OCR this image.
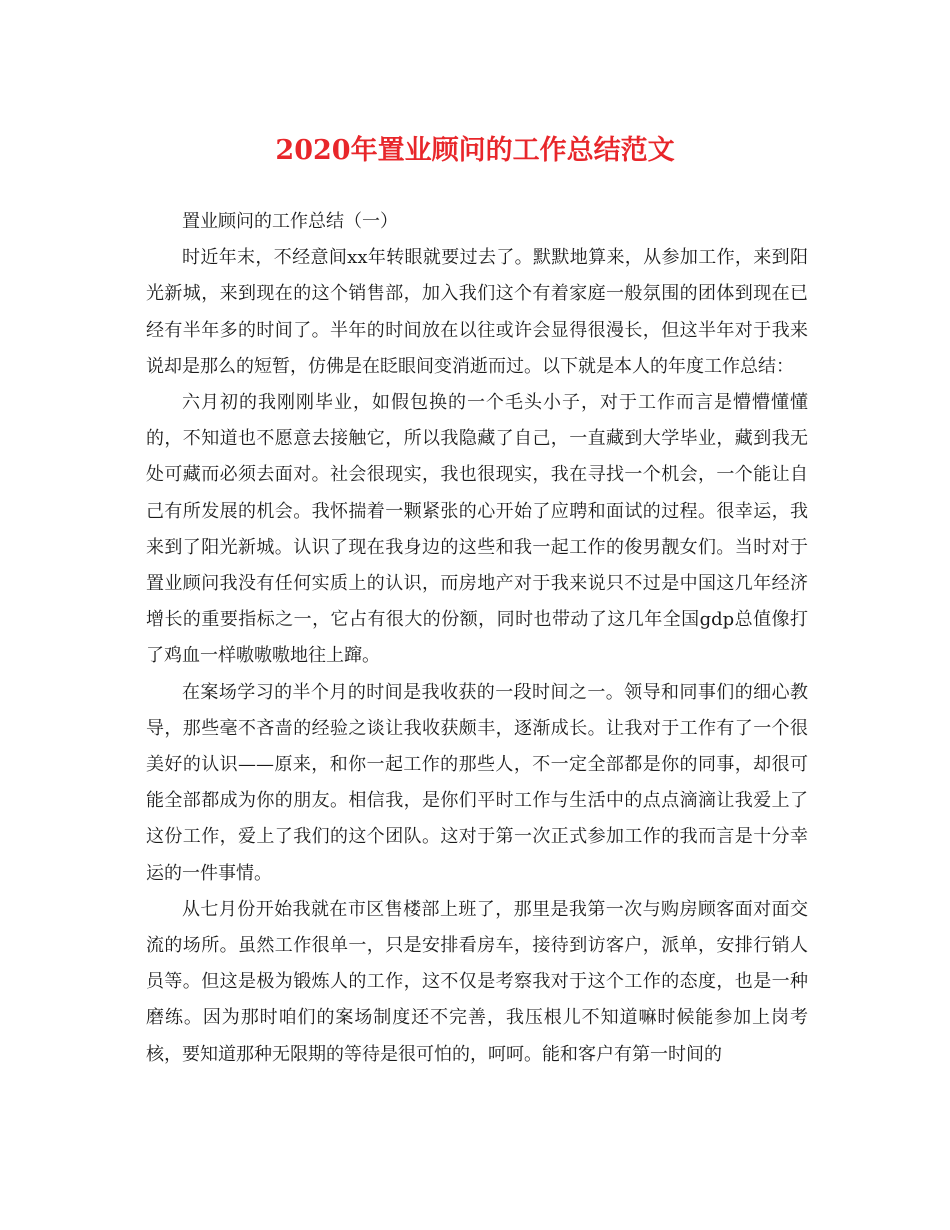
2020年置业顾问的工作总结范文

置业顾问的工作总结（一）

时近年末，不经意间xx年转眼就要过去了。默默地算来，从参加工作，来到阳光新城，来到现在的这个销售部，加入我们这个有着家庭一般氛围的团体到现在已经有半年多的时间了。半年的时间放在以往或许会显得很漫长，但这半年对于我来说却是那么的短暂，仿佛是在眨眼间变消逝而过。以下就是本人的年度工作总结：

六月初的我刚刚毕业，如假包换的一个毛头小子，对于工作而言是懵懵懂懂的，不知道也不愿意去接触它，所以我隐藏了自己，一直藏到大学毕业，藏到我无处可藏而必须去面对。社会很现实，我也很现实，我在寻找一个机会，一个能让自己有所发展的机会。我怀揣着一颗紧张的心开始了应聘和面试的过程。很幸运，我来到了阳光新城。认识了现在我身边的这些和我一起工作的俊男靓女们。当时对于置业顾问我没有任何实质上的认识，而房地产对于我来说只不过是中国这几年经济增长的重要指标之一，它占有很大的份额，同时也带动了这几年全国gdp总值像打了鸡血一样嗷嗷嗷地往上蹿。

在案场学习的半个月的时间是我收获的一段时间之一。领导和同事们的细心教导，那些毫不吝啬的经验之谈让我收获颇丰，逐渐成长。让我对于工作有了一个很美好的认识——原来，和你一起工作的那些人，不一定全部都是你的同事，却很可能全部都成为你的朋友。相信我，是你们平时工作与生活中的点点滴滴让我爱上了这份工作，爱上了我们的这个团队。这对于第一次正式参加工作的我而言是十分幸运的一件事情。

从七月份开始我就在市区售楼部上班了，那里是我第一次与购房顾客面对面交流的场所。虽然工作很单一，只是安排看房车，接待到访客户，派单，安排行销人员等。但这是极为锻炼人的工作，这不仅是考察我对于这个工作的态度，也是一种磨练。因为那时咱们的案场制度还不完善，我压根儿不知道嘛时候能参加上岗考核，要知道那种无限期的等待是很可怕的，呵呵。能和客户有第一时间的
